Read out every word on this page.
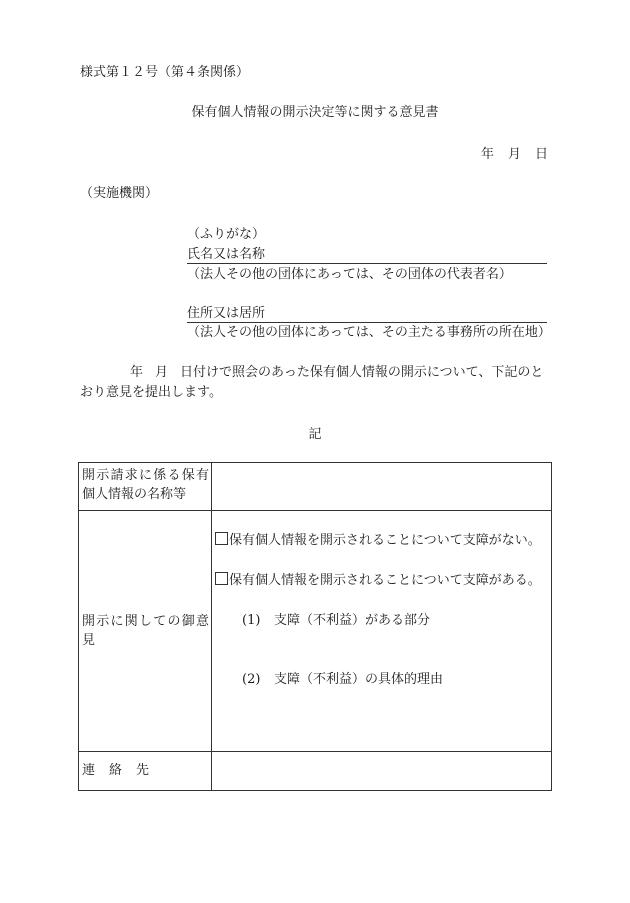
様式第１２号（第４条関係）
保有個人情報の開示決定等に関する意見書
年 月 日
（実施機関）
（ふりがな）
氏名又は名称
（法人その他の団体にあっては、その団体の代表者名）
住所又は居所
（法人その他の団体にあっては、その主たる事務所の所在地）
年 月 日付けで照会のあった保有個人情報の開示について、下記のとおり意見を提出します。
記
開示請求に係る保有個人情報の名称等	
開示に関しての御意見	保有個人情報を開示されることについて支障がない。
保有個人情報を開示されることについて支障がある。
(1) 支障（不利益）がある部分
(2) 支障（不利益）の具体的理由

連絡先	
